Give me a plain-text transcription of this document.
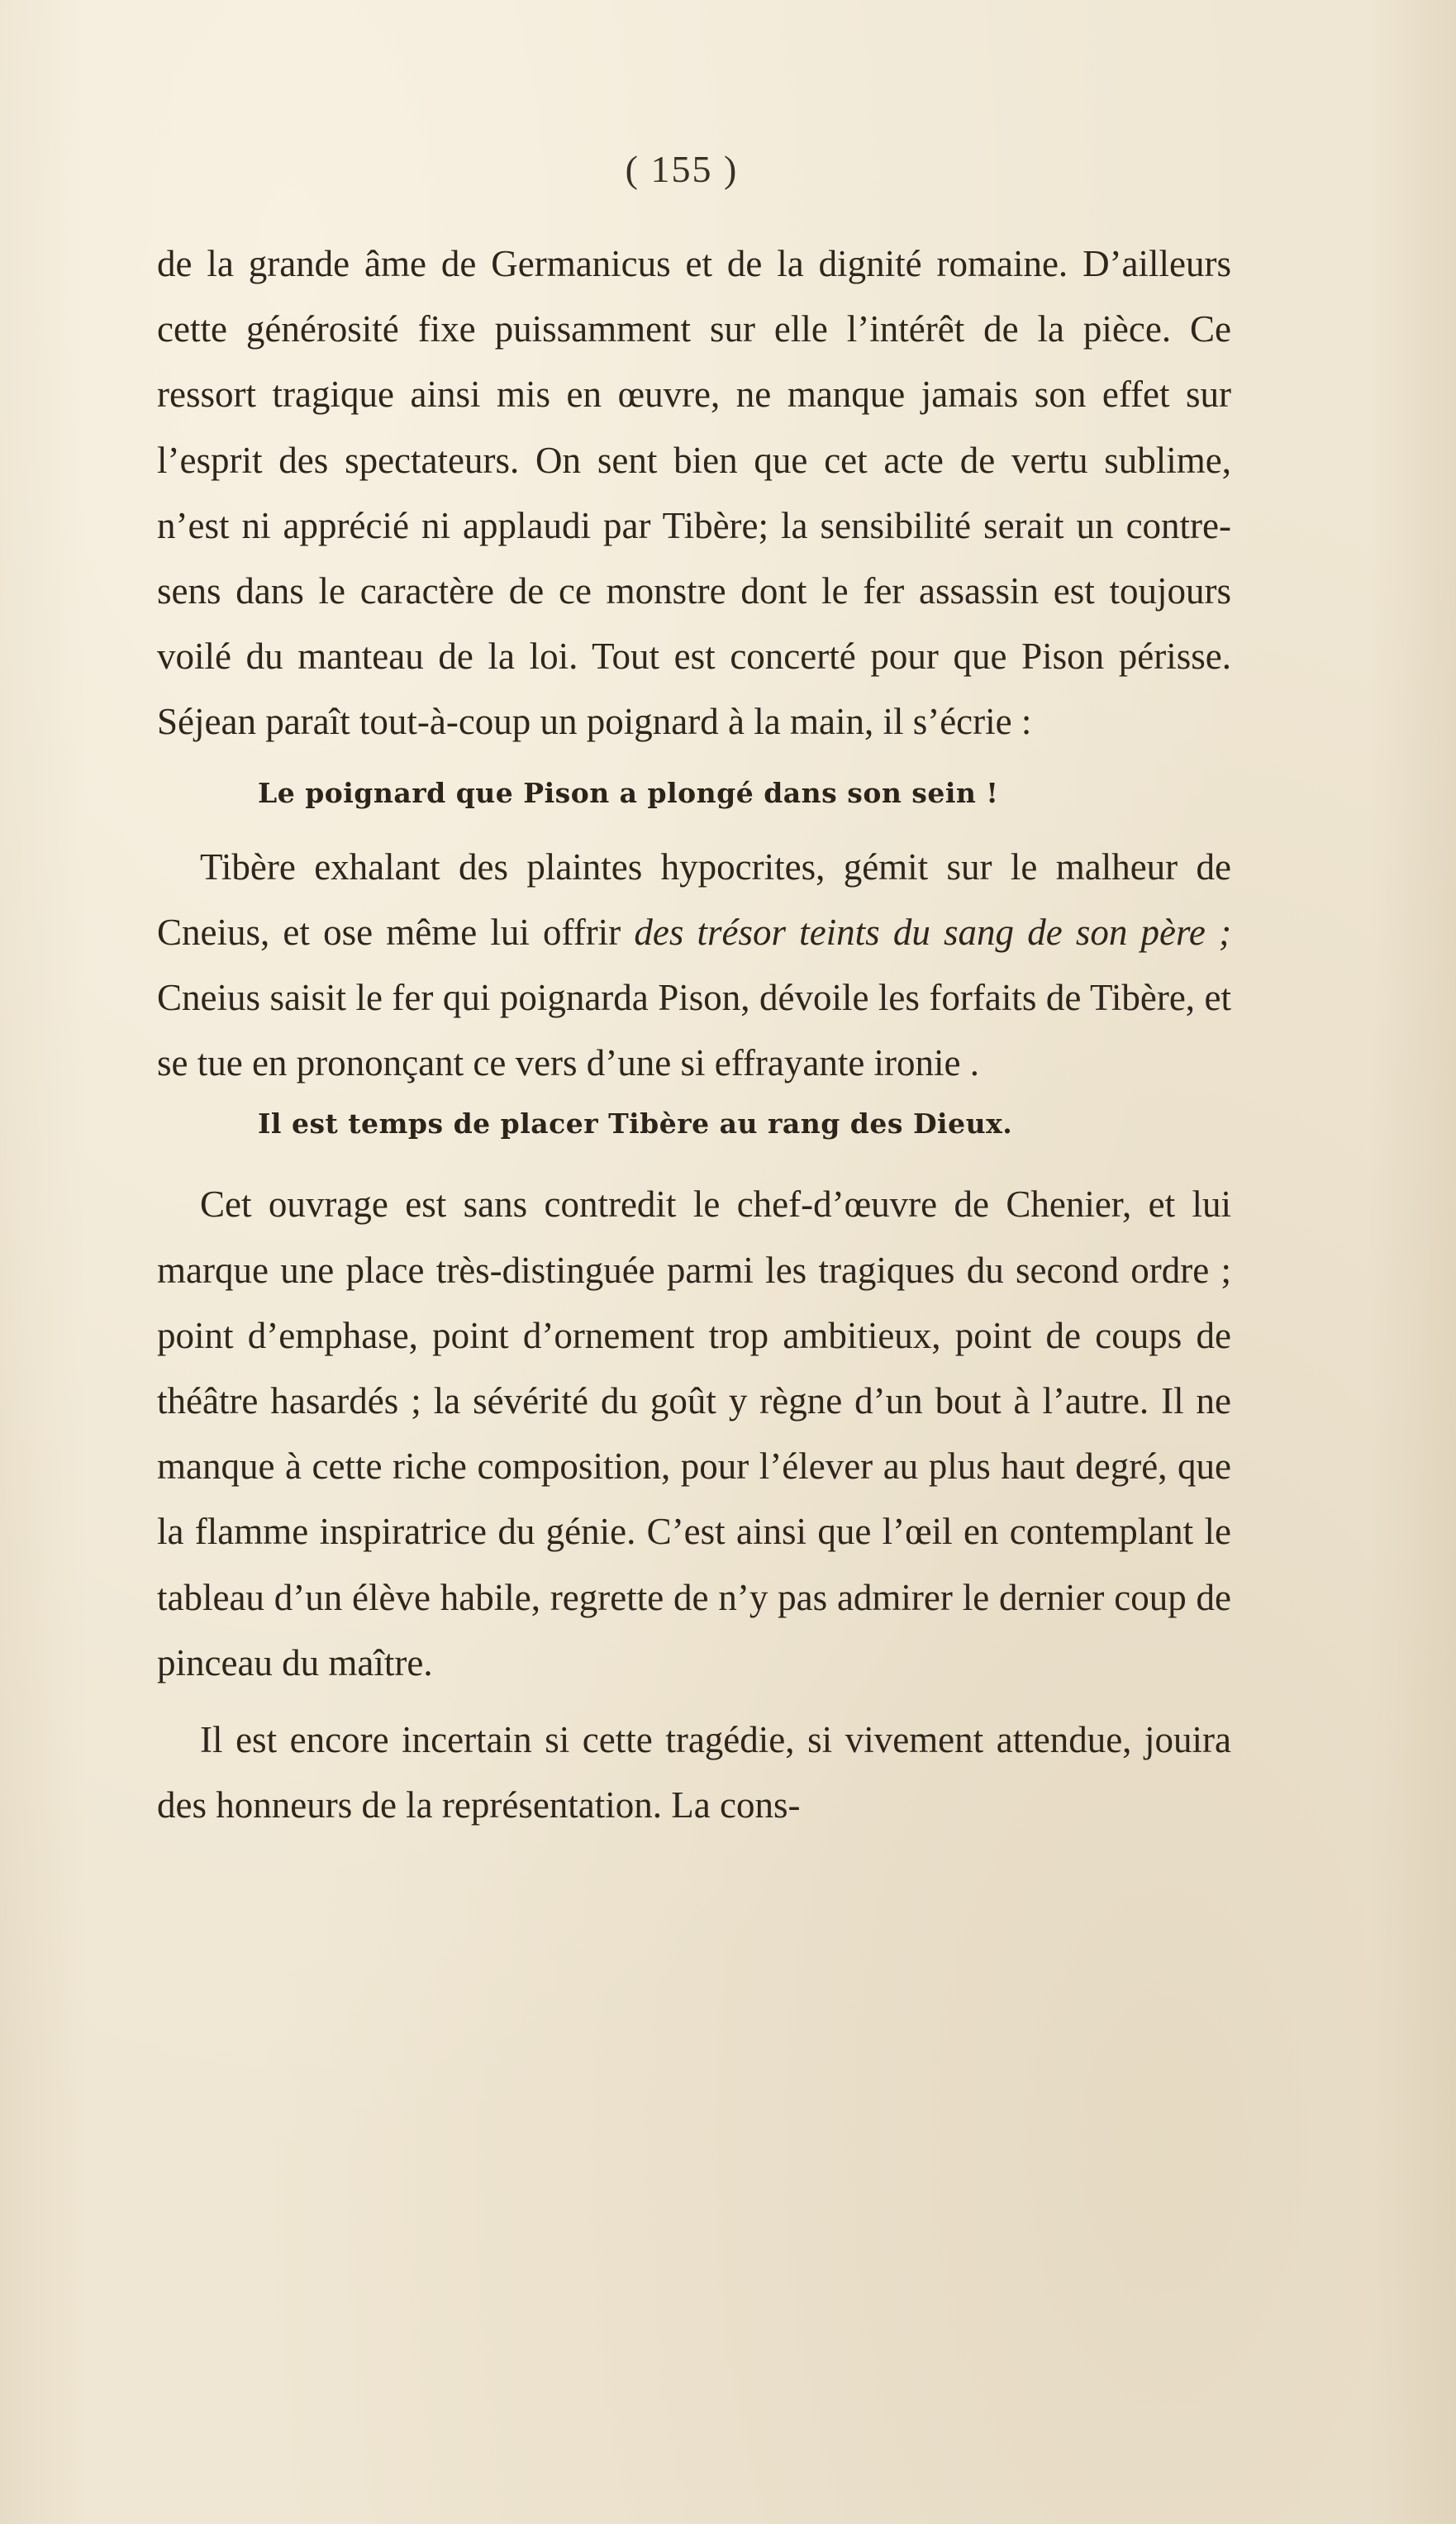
( 155 )

de la grande âme de Germanicus et de la dignité romaine. D’ailleurs cette générosité fixe puissamment sur elle l’intérêt de la pièce. Ce ressort tragique ainsi mis en œuvre, ne manque jamais son effet sur l’esprit des spectateurs. On sent bien que cet acte de vertu sublime, n’est ni apprécié ni applaudi par Tibère; la sensibilité serait un contre-sens dans le caractère de ce monstre dont le fer assassin est toujours voilé du manteau de la loi. Tout est concerté pour que Pison périsse. Séjean paraît tout-à-coup un poignard à la main, il s’écrie :

Le poignard que Pison a plongé dans son sein !

Tibère exhalant des plaintes hypocrites, gémit sur le malheur de Cneius, et ose même lui offrir des trésor teints du sang de son père ; Cneius saisit le fer qui poignarda Pison, dévoile les forfaits de Tibère, et se tue en prononçant ce vers d’une si effrayante ironie .

Il est temps de placer Tibère au rang des Dieux.

Cet ouvrage est sans contredit le chef-d’œuvre de Chenier, et lui marque une place très-distinguée parmi les tragiques du second ordre ; point d’emphase, point d’ornement trop ambitieux, point de coups de théâtre hasardés ; la sévérité du goût y règne d’un bout à l’autre. Il ne manque à cette riche composition, pour l’élever au plus haut degré, que la flamme inspiratrice du génie. C’est ainsi que l’œil en contemplant le tableau d’un élève habile, regrette de n’y pas admirer le dernier coup de pinceau du maître.

Il est encore incertain si cette tragédie, si vivement attendue, jouira des honneurs de la représentation. La cons-
